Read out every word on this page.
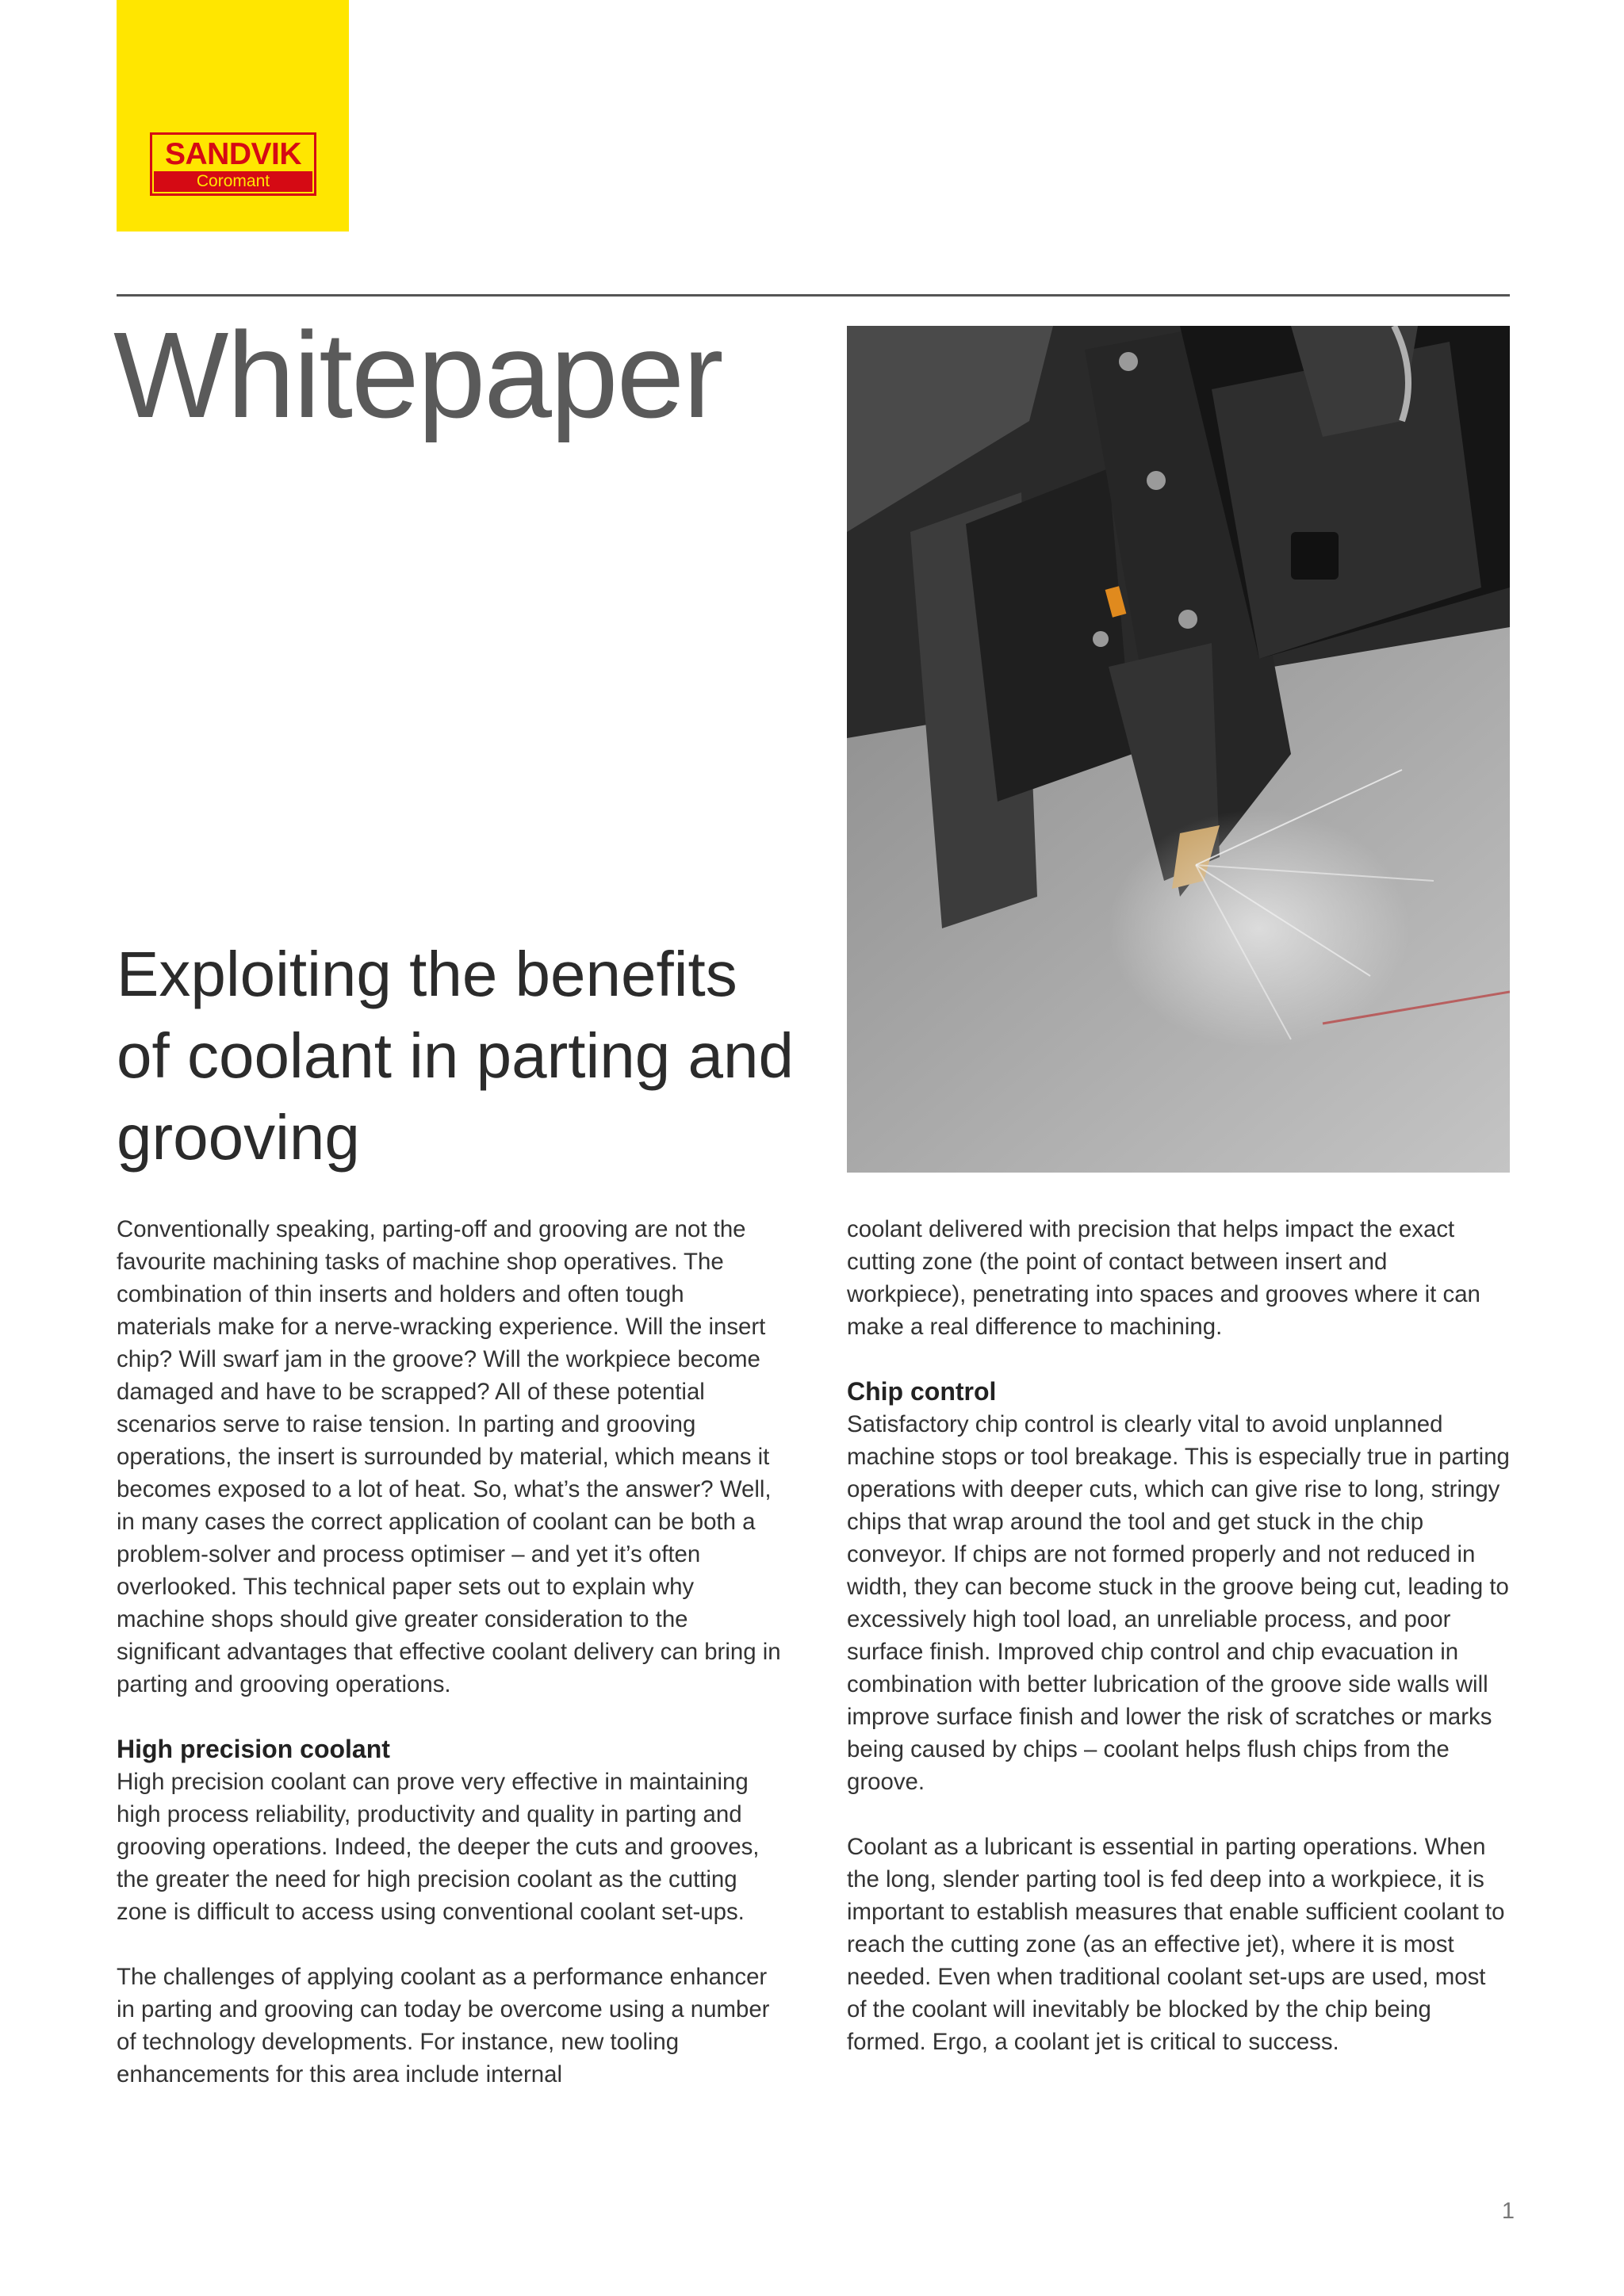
SANDVIK
Coromant
Whitepaper
Exploiting the benefits of coolant in parting and grooving

Conventionally speaking, parting-off and grooving are not the favourite machining tasks of machine shop operatives. The combination of thin inserts and holders and often tough materials make for a nerve-wracking experience. Will the insert chip? Will swarf jam in the groove? Will the workpiece become damaged and have to be scrapped? All of these potential scenarios serve to raise tension. In parting and grooving operations, the insert is surrounded by material, which means it becomes exposed to a lot of heat. So, what’s the answer? Well, in many cases the correct application of coolant can be both a problem-solver and process optimiser – and yet it’s often overlooked. This technical paper sets out to explain why machine shops should give greater consideration to the significant advantages that effective coolant delivery can bring in parting and grooving operations.

High precision coolant

High precision coolant can prove very effective in maintaining high process reliability, productivity and quality in parting and grooving operations. Indeed, the deeper the cuts and grooves, the greater the need for high precision coolant as the cutting zone is difficult to access using conventional coolant set-ups.

The challenges of applying coolant as a performance enhancer in parting and grooving can today be overcome using a number of technology developments. For instance, new tooling enhancements for this area include internal

coolant delivered with precision that helps impact the exact cutting zone (the point of contact between insert and workpiece), penetrating into spaces and grooves where it can make a real difference to machining.

Chip control

Satisfactory chip control is clearly vital to avoid unplanned machine stops or tool breakage. This is especially true in parting operations with deeper cuts, which can give rise to long, stringy chips that wrap around the tool and get stuck in the chip conveyor. If chips are not formed properly and not reduced in width, they can become stuck in the groove being cut, leading to excessively high tool load, an unreliable process, and poor surface finish. Improved chip control and chip evacuation in combination with better lubrication of the groove side walls will improve surface finish and lower the risk of scratches or marks being caused by chips – coolant helps flush chips from the groove.

Coolant as a lubricant is essential in parting operations. When the long, slender parting tool is fed deep into a workpiece, it is important to establish measures that enable sufficient coolant to reach the cutting zone (as an effective jet), where it is most needed. Even when traditional coolant set-ups are used, most of the coolant will inevitably be blocked by the chip being formed. Ergo, a coolant jet is critical to success.

1
